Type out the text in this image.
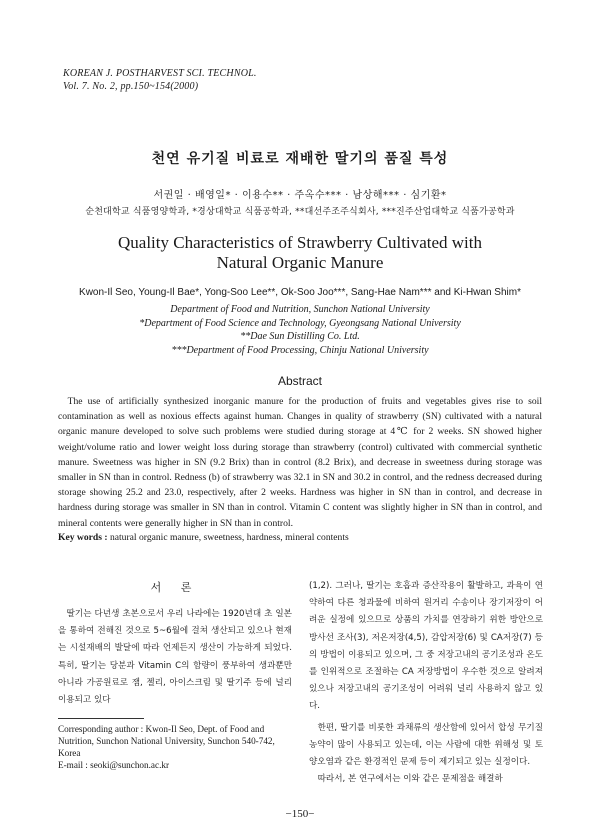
KOREAN J. POSTHARVEST SCI. TECHNOL.
Vol. 7. No. 2, pp.150~154(2000)
천연 유기질 비료로 재배한 딸기의 품질 특성
서권일 · 배영일* · 이용수** · 주옥수*** · 남상해*** · 심기환*
순천대학교 식품영양학과, *경상대학교 식품공학과, **대선주조주식회사, ***진주산업대학교 식품가공학과
Quality Characteristics of Strawberry Cultivated with
Natural Organic Manure
Kwon-Il Seo, Young-Il Bae*, Yong-Soo Lee**, Ok-Soo Joo***, Sang-Hae Nam*** and Ki-Hwan Shim*
Department of Food and Nutrition, Sunchon National University
*Department of Food Science and Technology, Gyeongsang National University
**Dae Sun Distilling Co. Ltd.
***Department of Food Processing, Chinju National University
Abstract

The use of artificially synthesized inorganic manure for the production of fruits and vegetables gives rise to soil contamination as well as noxious effects against human. Changes in quality of strawberry (SN) cultivated with a natural organic manure developed to solve such problems were studied during storage at 4℃ for 2 weeks. SN showed higher weight/volume ratio and lower weight loss during storage than strawberry (control) cultivated with commercial synthetic manure. Sweetness was higher in SN (9.2 Brix) than in control (8.2 Brix), and decrease in sweetness during storage was smaller in SN than in control. Redness (b) of strawberry was 32.1 in SN and 30.2 in control, and the redness decreased during storage showing 25.2 and 23.0, respectively, after 2 weeks. Hardness was higher in SN than in control, and decrease in hardness during storage was smaller in SN than in control. Vitamin C content was slightly higher in SN than in control, and mineral contents were generally higher in SN than in control.

Key words : natural organic manure, sweetness, hardness, mineral contents
서 론

딸기는 다년생 초본으로서 우리 나라에는 1920년대 초 일본을 통하여 전해진 것으로 5~6월에 걸쳐 생산되고 있으나 현재는 시설재배의 발달에 따라 언제든지 생산이 가능하게 되었다. 특히, 딸기는 당분과 Vitamin C의 함량이 풍부하여 생과뿐만 아니라 가공원료로 잼, 젤리, 아이스크림 및 딸기주 등에 널리 이용되고 있다

Corresponding author : Kwon-Il Seo, Dept. of Food and Nutrition, Sunchon National University, Sunchon 540-742, Korea
E-mail : seoki@sunchon.ac.kr

(1,2). 그러나, 딸기는 호흡과 증산작용이 활발하고, 과육이 연약하여 다른 청과물에 비하여 원거리 수송이나 장기저장이 어려운 실정에 있으므로 상품의 가치를 연장하기 위한 방안으로 방사선 조사(3), 저온저장(4,5), 감압저장(6) 및 CA저장(7) 등의 방법이 이용되고 있으며, 그 중 저장고내의 공기조성과 온도를 인위적으로 조절하는 CA 저장방법이 우수한 것으로 알려져 있으나 저장고내의 공기조성이 어려워 널리 사용하지 않고 있다.

한편, 딸기를 비롯한 과채류의 생산함에 있어서 합성 무기질 농약이 많이 사용되고 있는데, 이는 사람에 대한 위해성 및 토양오염과 같은 환경적인 문제 등이 제기되고 있는 실정이다.

따라서, 본 연구에서는 이와 같은 문제점을 해결하

−150−
